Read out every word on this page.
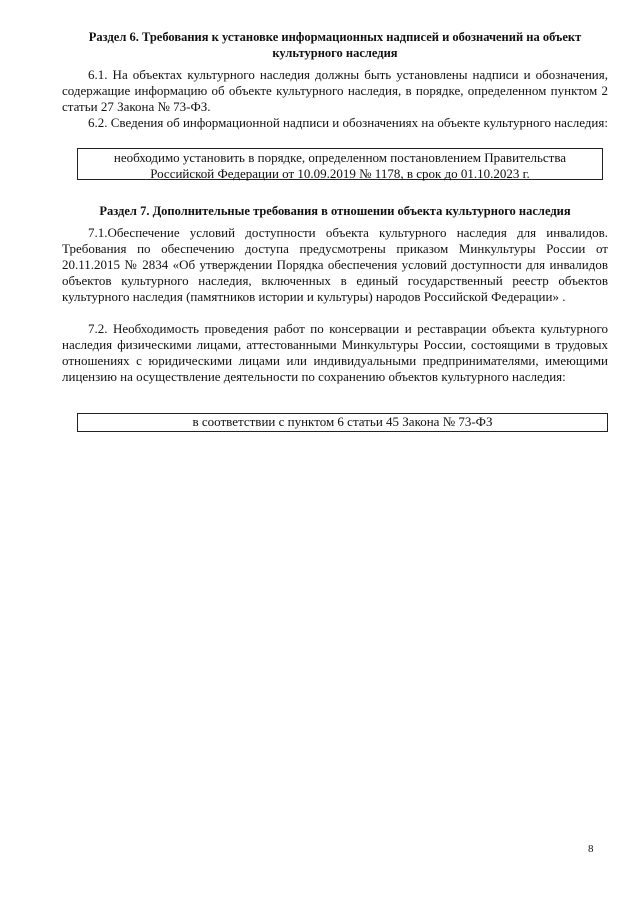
Раздел 6. Требования к установке информационных надписей и обозначений на объект культурного наследия
6.1. На объектах культурного наследия должны быть установлены надписи и обозначения, содержащие информацию об объекте культурного наследия, в порядке, определенном пунктом 2 статьи 27 Закона № 73-ФЗ.
6.2. Сведения об информационной надписи и обозначениях на объекте культурного наследия:
необходимо установить в порядке, определенном постановлением Правительства Российской Федерации от 10.09.2019 № 1178, в срок до 01.10.2023 г.
Раздел 7. Дополнительные требования в отношении объекта культурного наследия
7.1.Обеспечение условий доступности объекта культурного наследия для инвалидов. Требования по обеспечению доступа предусмотрены приказом Минкультуры России от 20.11.2015 № 2834 «Об утверждении Порядка обеспечения условий доступности для инвалидов объектов культурного наследия, включенных в единый государственный реестр объектов культурного наследия (памятников истории и культуры) народов Российской Федерации» .
7.2. Необходимость проведения работ по консервации и реставрации объекта культурного наследия физическими лицами, аттестованными Минкультуры России, состоящими в трудовых отношениях с юридическими лицами или индивидуальными предпринимателями, имеющими лицензию на осуществление деятельности по сохранению объектов культурного наследия:
в соответствии с пунктом 6 статьи 45 Закона № 73-ФЗ
8
